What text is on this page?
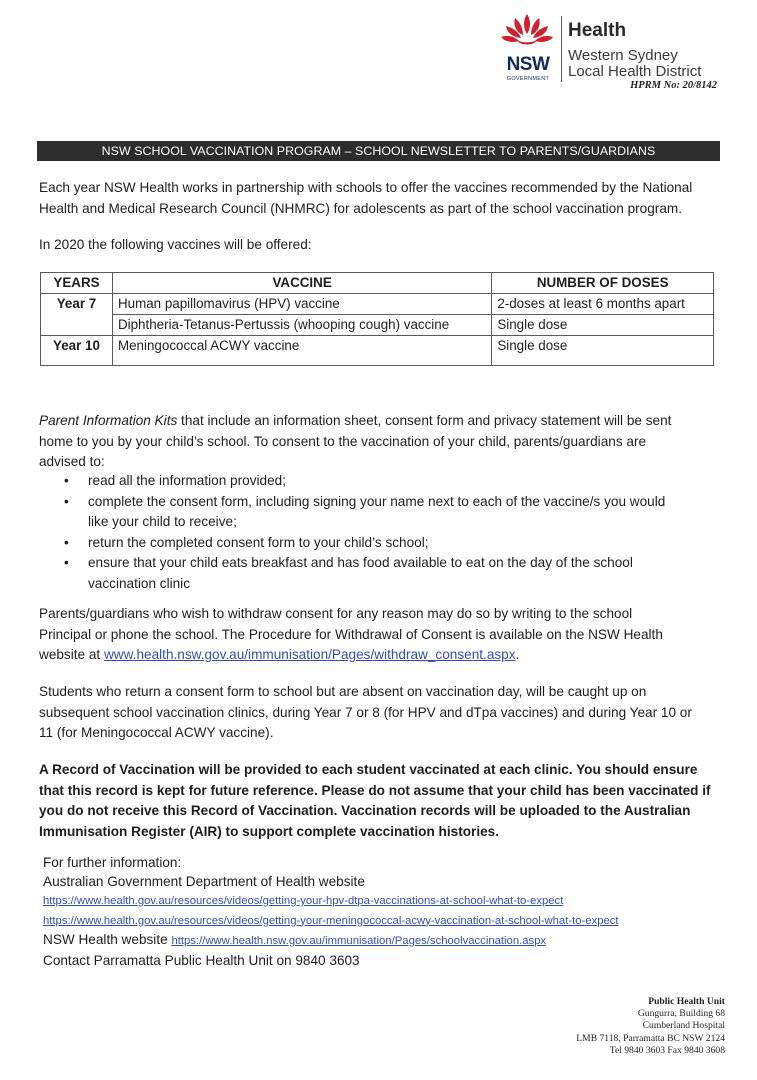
NSW
GOVERNMENT
Health
Western Sydney
Local Health District
HPRM No: 20/8142
NSW SCHOOL VACCINATION PROGRAM – SCHOOL NEWSLETTER TO PARENTS/GUARDIANS
Each year NSW Health works in partnership with schools to offer the vaccines recommended by the National
Health and Medical Research Council (NHMRC) for adolescents as part of the school vaccination program.
In 2020 the following vaccines will be offered:
YEARS	VACCINE	NUMBER OF DOSES
Year 7	Human papillomavirus (HPV) vaccine	2-doses at least 6 months apart
	Diphtheria-Tetanus-Pertussis (whooping cough) vaccine	Single dose
Year 10	Meningococcal ACWY vaccine	Single dose
Parent Information Kits that include an information sheet, consent form and privacy statement will be sent
home to you by your child’s school. To consent to the vaccination of your child, parents/guardians are
advised to:
• read all the information provided;
• complete the consent form, including signing your name next to each of the vaccine/s you would
like your child to receive;
• return the completed consent form to your child’s school;
• ensure that your child eats breakfast and has food available to eat on the day of the school
vaccination clinic
Parents/guardians who wish to withdraw consent for any reason may do so by writing to the school
Principal or phone the school. The Procedure for Withdrawal of Consent is available on the NSW Health
website at www.health.nsw.gov.au/immunisation/Pages/withdraw_consent.aspx.
Students who return a consent form to school but are absent on vaccination day, will be caught up on
subsequent school vaccination clinics, during Year 7 or 8 (for HPV and dTpa vaccines) and during Year 10 or
11 (for Meningococcal ACWY vaccine).
A Record of Vaccination will be provided to each student vaccinated at each clinic. You should ensure
that this record is kept for future reference. Please do not assume that your child has been vaccinated if
you do not receive this Record of Vaccination. Vaccination records will be uploaded to the Australian
Immunisation Register (AIR) to support complete vaccination histories.
For further information:
Australian Government Department of Health website
https://www.health.gov.au/resources/videos/getting-your-hpv-dtpa-vaccinations-at-school-what-to-expect
https://www.health.gov.au/resources/videos/getting-your-meningococcal-acwy-vaccination-at-school-what-to-expect
NSW Health website https://www.health.nsw.gov.au/immunisation/Pages/schoolvaccination.aspx
Contact Parramatta Public Health Unit on 9840 3603
Public Health Unit
Gungurra, Building 68
Cumberland Hospital
LMB 7118, Parramatta BC NSW 2124
Tel 9840 3603 Fax 9840 3608
